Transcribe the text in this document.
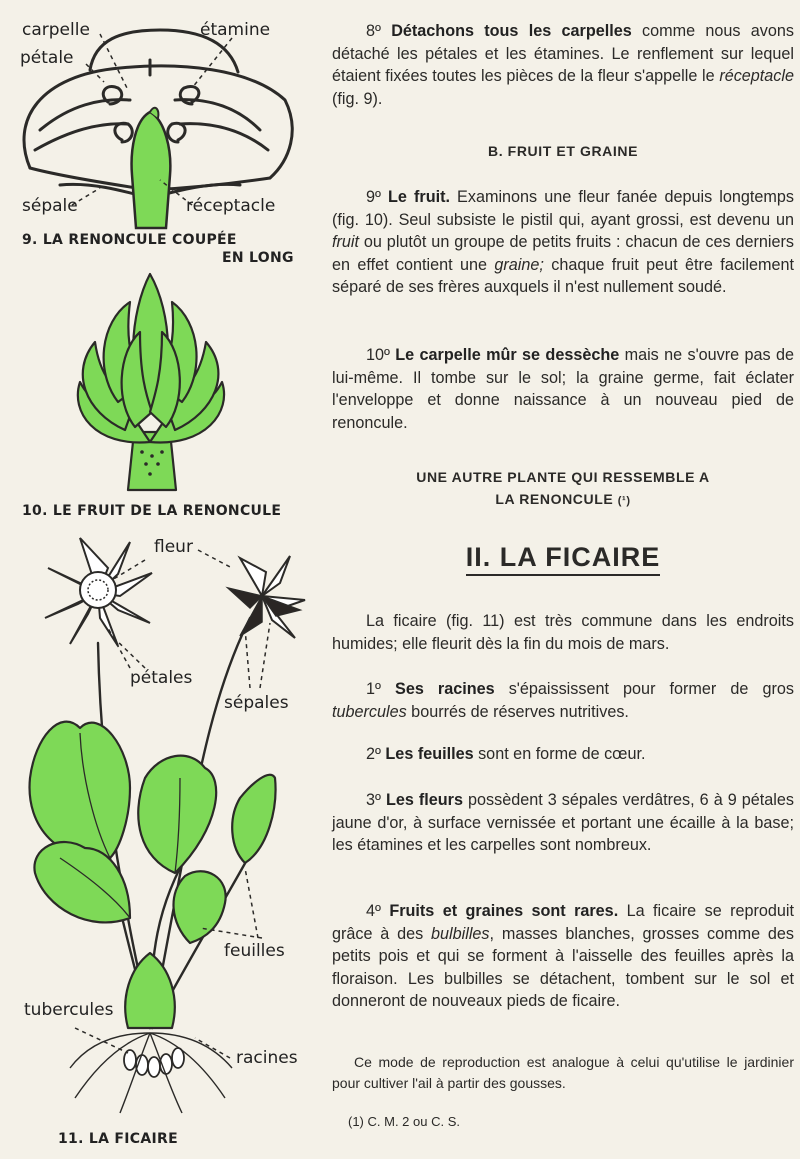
carpelle
pétale
étamine
sépale	réceptacle
9. LA RENONCULE COUPÉE
EN LONG
10. LE FRUIT DE LA RENONCULE
fleur
pétales
sépales
feuilles
tubercules
racines
11. LA FICAIRE

8º Détachons tous les carpelles comme nous avons détaché les pétales et les étamines. Le renflement sur lequel étaient fixées toutes les pièces de la fleur s'appelle le réceptacle (fig. 9).

B. FRUIT ET GRAINE

9º Le fruit. Examinons une fleur fanée depuis longtemps (fig. 10). Seul subsiste le pistil qui, ayant grossi, est devenu un fruit ou plutôt un groupe de petits fruits : chacun de ces derniers en effet contient une graine; chaque fruit peut être facilement séparé de ses frères auxquels il n'est nullement soudé.

10º Le carpelle mûr se dessèche mais ne s'ouvre pas de lui-même. Il tombe sur le sol; la graine germe, fait éclater l'enveloppe et donne naissance à un nouveau pied de renoncule.

UNE AUTRE PLANTE QUI RESSEMBLE A
LA RENONCULE (¹)
II. LA FICAIRE

La ficaire (fig. 11) est très commune dans les endroits humides; elle fleurit dès la fin du mois de mars.

1º Ses racines s'épaississent pour former de gros tubercules bourrés de réserves nutritives.

2º Les feuilles sont en forme de cœur.

3º Les fleurs possèdent 3 sépales verdâtres, 6 à 9 pétales jaune d'or, à surface vernissée et portant une écaille à la base; les étamines et les carpelles sont nombreux.

4º Fruits et graines sont rares. La ficaire se reproduit grâce à des bulbilles, masses blanches, grosses comme des petits pois et qui se forment à l'aisselle des feuilles après la floraison. Les bulbilles se détachent, tombent sur le sol et donneront de nouveaux pieds de ficaire.

Ce mode de reproduction est analogue à celui qu'utilise le jardinier pour cultiver l'ail à partir des gousses.

(1) C. M. 2 ou C. S.
